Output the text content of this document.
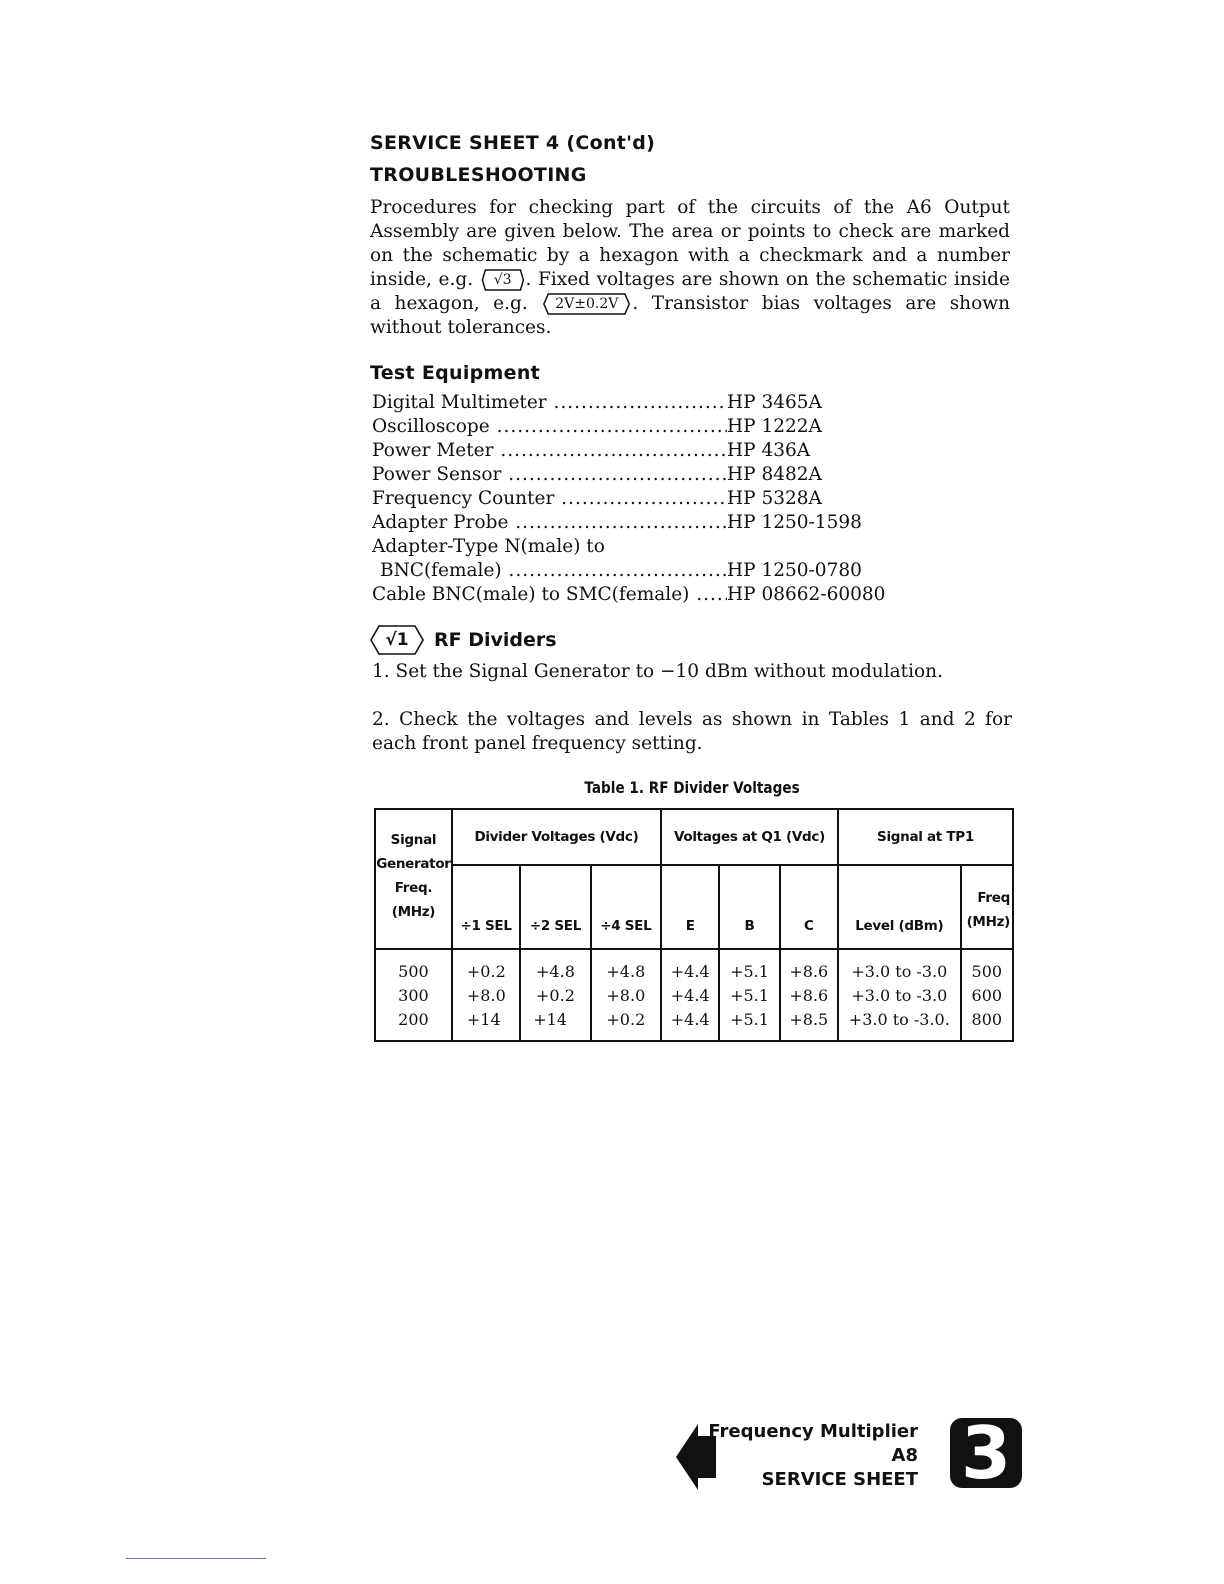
SERVICE SHEET 4 (Cont'd)
TROUBLESHOOTING

Procedures for checking part of the circuits of the A6 Output Assembly are given below. The area or points to check are marked on the schematic by a hexagon with a checkmark and a number inside, e.g. √3 . Fixed voltages are shown on the schematic inside a hexagon, e.g. 2V±0.2V . Transistor bias voltages are shown without tolerances.

Test Equipment
Digital Multimeter .....	HP 3465A
Oscilloscope .....	HP 1222A
Power Meter .....	HP 436A
Power Sensor .....	HP 8482A
Frequency Counter .....	HP 5328A
Adapter Probe .....	HP 1250-1598
Adapter-Type N(male) to
BNC(female) .....	HP 1250-0780
Cable BNC(male) to SMC(female) .....	HP 08662-60080
√1	RF Dividers

1. Set the Signal Generator to −10 dBm without modulation.

2. Check the voltages and levels as shown in Tables 1 and 2 for each front panel frequency setting.

Table 1. RF Divider Voltages

Signal
Generator
Freq.
(MHz)	Divider Voltages (Vdc)			Voltages at Q1 (Vdc)			Signal at TP1	
	÷1 SEL	÷2 SEL	÷4 SEL	E	B	C	Level (dBm)	Freq
(MHz)

500	+0.2	+4.8	+4.8	+4.4	+5.1	+8.6	+3.0 to -3.0	500
300	+8.0	+0.2	+8.0	+4.4	+5.1	+8.6	+3.0 to -3.0	600
200	+14	+14	+0.2	+4.4	+5.1	+8.5	+3.0 to -3.0.	800
Frequency Multiplier
A8
SERVICE SHEET 3
